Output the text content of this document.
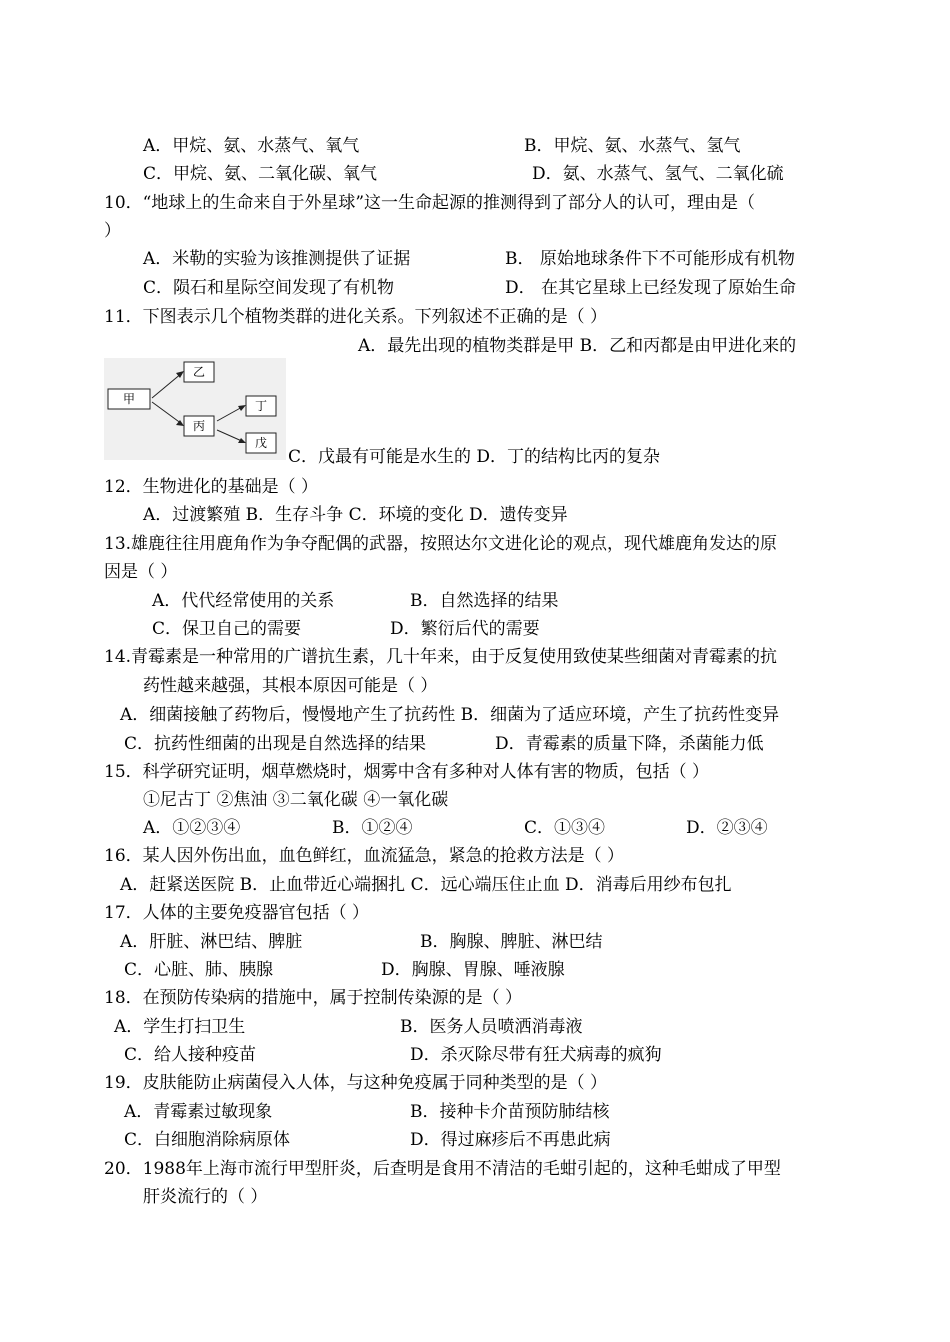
A．甲烷、氨、水蒸气、氧气	B．甲烷、氨、水蒸气、氢气
C．甲烷、氨、二氧化碳、氧气	D．氨、水蒸气、氢气、二氧化硫
10．“地球上的生命来自于外星球”这一生命起源的推测得到了部分人的认可，理由是（
）
A．米勒的实验为该推测提供了证据	B． 原始地球条件下不可能形成有机物
C．陨石和星际空间发现了有机物	D． 在其它星球上已经发现了原始生命
11．下图表示几个植物类群的进化关系。下列叙述不正确的是（ ）
A．最先出现的植物类群是甲 B．乙和丙都是由甲进化来的
甲
乙
丙
丁
戊
C．戊最有可能是水生的 D．丁的结构比丙的复杂
12．生物进化的基础是（ ）
A．过渡繁殖 B．生存斗争 C．环境的变化 D．遗传变异
13.雄鹿往往用鹿角作为争夺配偶的武器，按照达尔文进化论的观点，现代雄鹿角发达的原
因是（ ）
A．代代经常使用的关系	B．自然选择的结果
C．保卫自己的需要	D．繁衍后代的需要
14.青霉素是一种常用的广谱抗生素，几十年来，由于反复使用致使某些细菌对青霉素的抗
药性越来越强，其根本原因可能是（ ）
A．细菌接触了药物后，慢慢地产生了抗药性 B．细菌为了适应环境，产生了抗药性变异
C．抗药性细菌的出现是自然选择的结果	D．青霉素的质量下降，杀菌能力低
15．科学研究证明，烟草燃烧时，烟雾中含有多种对人体有害的物质，包括（ ）
①尼古丁 ②焦油 ③二氧化碳 ④一氧化碳
A．①②③④	B．①②④	C．①③④	D．②③④
16．某人因外伤出血，血色鲜红，血流猛急，紧急的抢救方法是（ ）
A．赶紧送医院 B．止血带近心端捆扎 C．远心端压住止血 D．消毒后用纱布包扎
17．人体的主要免疫器官包括（ ）
A．肝脏、淋巴结、脾脏	B．胸腺、脾脏、淋巴结
C．心脏、肺、胰腺	D．胸腺、胃腺、唾液腺
18．在预防传染病的措施中，属于控制传染源的是（ ）
A．学生打扫卫生	B．医务人员喷洒消毒液
C．给人接种疫苗	D．杀灭除尽带有狂犬病毒的疯狗
19．皮肤能防止病菌侵入人体，与这种免疫属于同种类型的是（ ）
A．青霉素过敏现象	B．接种卡介苗预防肺结核
C．白细胞消除病原体	D．得过麻疹后不再患此病
20．1988年上海市流行甲型肝炎，后查明是食用不清洁的毛蚶引起的，这种毛蚶成了甲型
肝炎流行的（ ）
